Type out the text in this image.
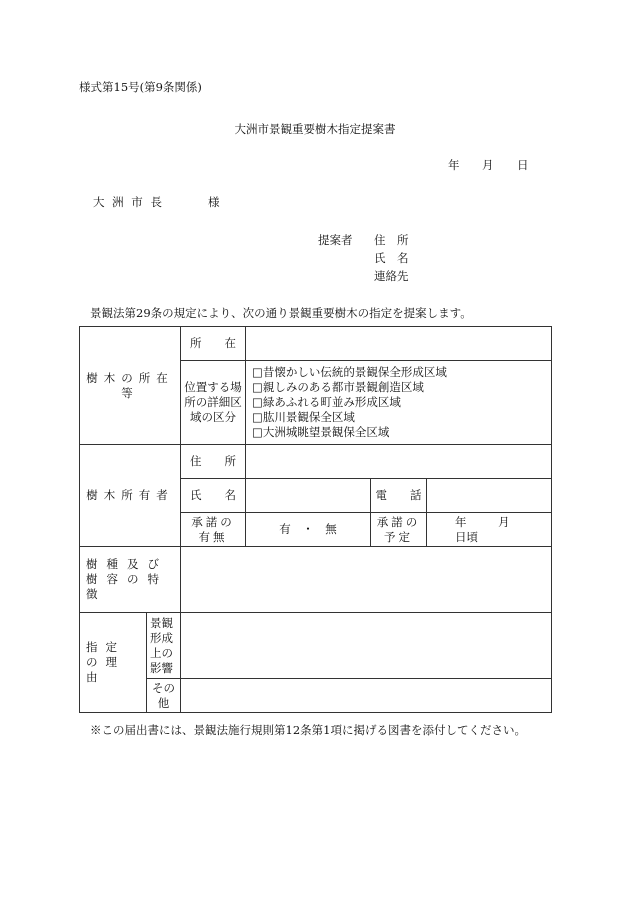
様式第15号(第9条関係)
大洲市景観重要樹木指定提案書
年 月 日
大 洲 市 長	様
提案者 住　所
氏　名
連絡先
景観法第29条の規定により、次の通り景観重要樹木の指定を提案します。
樹木の所在等		所　　在			
		位置する場所の詳細区域の区分	□昔懐かしい伝統的景観保全形成区域
□親しみのある都市景観創造区域
□緑あふれる町並み形成区域
□肱川景観保全区域
□大洲城眺望景観保全区域		

樹木所有者		住　　所			
		氏　　名		電　　話	
		承諾の有無	有　・　無	承諾の予定	年 月 日頃
樹種及び樹容の特徴					
指定の理由	景観形成上の影響				
	その他				
※この届出書には、景観法施行規則第12条第1項に掲げる図書を添付してください。
